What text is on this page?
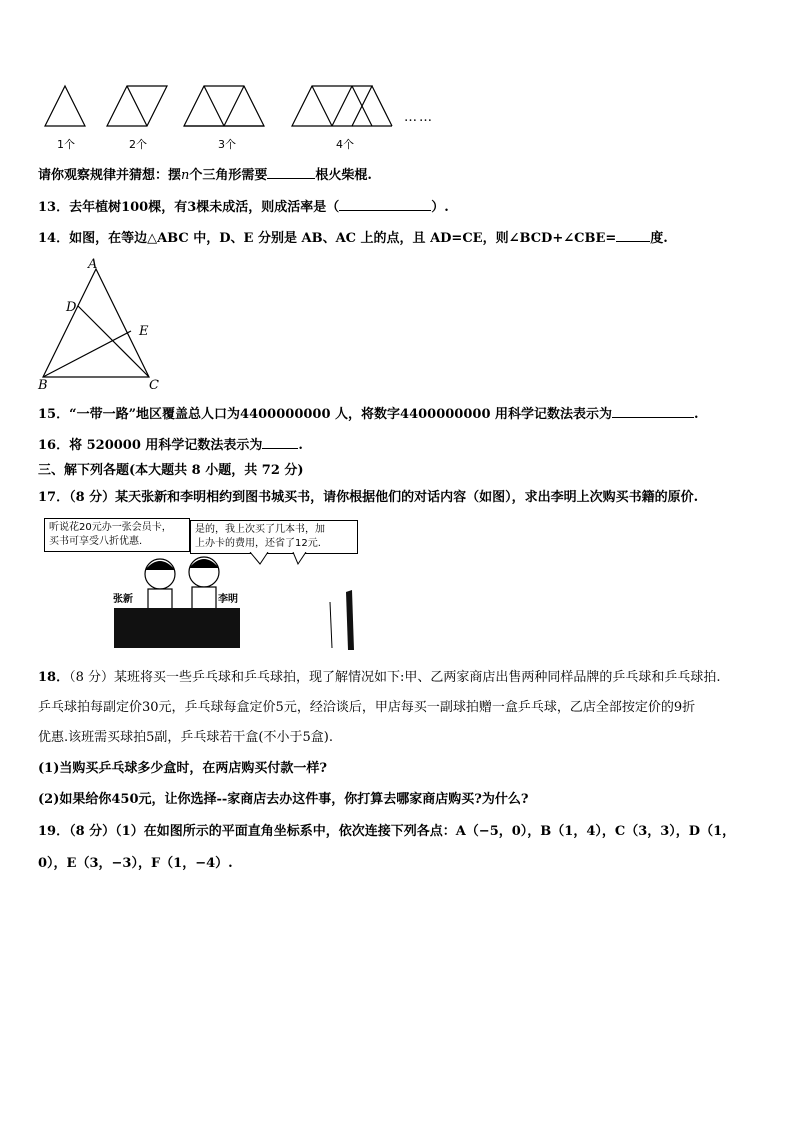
1个	2个	3个	4个
……
请你观察规律并猜想：摆n个三角形需要	根火柴棍.
13．去年植树100棵，有3棵未成活，则成活率是（	）.
14．如图，在等边△ABC 中，D、E 分别是 AB、AC 上的点，且 AD=CE，则∠BCD+∠CBE=	度.
A
D
E
B	C
15．“一带一路”地区覆盖总人口为4400000000 人，将数字4400000000 用科学记数法表示为	.
16．将 520000 用科学记数法表示为	.
三、解下列各题(本大题共 8 小题，共 72 分)
17．（8 分）某天张新和李明相约到图书城买书，请你根据他们的对话内容（如图），求出李明上次购买书籍的原价.
听说花20元办一张会员卡，
买书可享受八折优惠.
是的，我上次买了几本书，加
上办卡的费用，还省了12元.
张新	李明
18．（8 分）某班将买一些乒乓球和乒乓球拍，现了解情况如下:甲、乙两家商店出售两种同样品牌的乒乓球和乒乓球拍.
乒乓球拍每副定价30元，乒乓球每盒定价5元，经洽谈后，甲店每买一副球拍赠一盒乒乓球，乙店全部按定价的9折
优惠.该班需买球拍5副，乒乓球若干盒(不小于5盒).
(1)当购买乒乓球多少盒时，在两店购买付款一样?
(2)如果给你450元，让你选择--家商店去办这件事，你打算去哪家商店购买?为什么?
19．（8 分）（1）在如图所示的平面直角坐标系中，依次连接下列各点：A（−5，0），B（1，4），C（3，3），D（1，
0），E（3，−3），F（1，−4）.
